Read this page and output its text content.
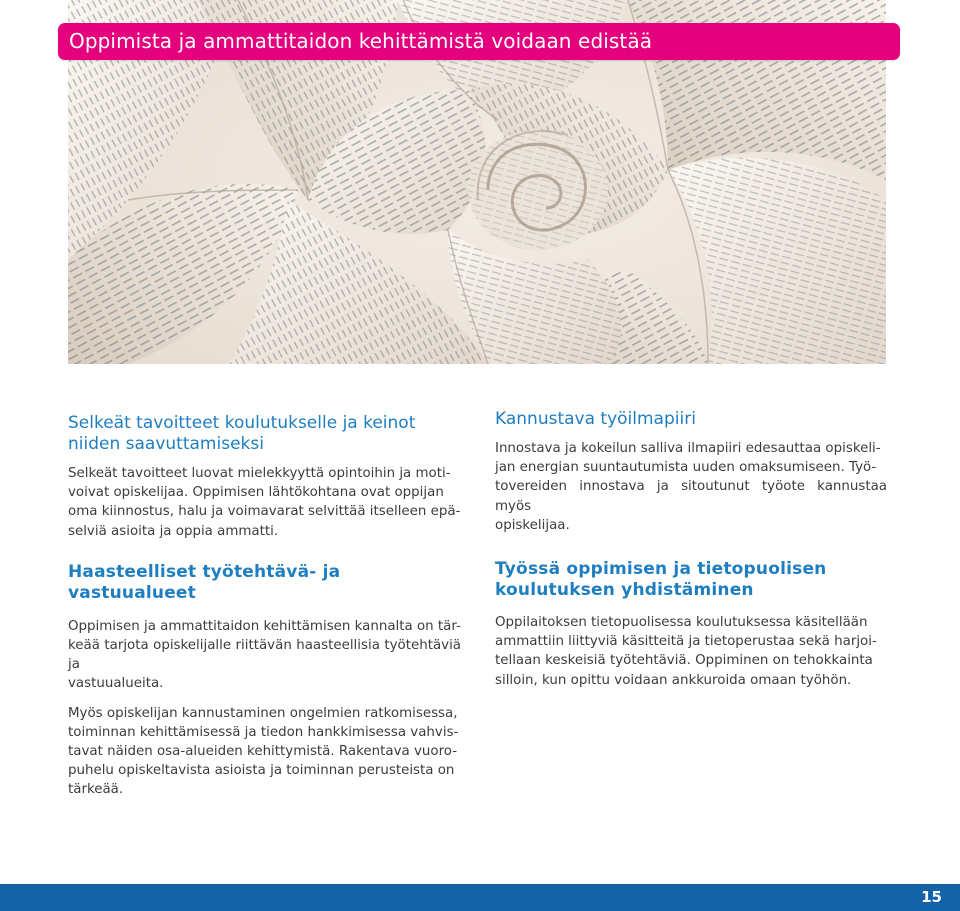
Oppimista ja ammattitaidon kehittämistä voidaan edistää
Selkeät tavoitteet koulutukselle ja keinot
niiden saavuttamiseksi

Selkeät tavoitteet luovat mielekkyyttä opintoihin ja moti-
voivat opiskelijaa. Oppimisen lähtökohtana ovat oppijan
oma kiinnostus, halu ja voimavarat selvittää itselleen epä-
selviä asioita ja oppia ammatti.

Haasteelliset työtehtävä- ja vastuualueet

Oppimisen ja ammattitaidon kehittämisen kannalta on tär-
keää tarjota opiskelijalle riittävän haasteellisia työtehtäviä ja
vastuualueita.

Myös opiskelijan kannustaminen ongelmien ratkomisessa,
toiminnan kehittämisessä ja tiedon hankkimisessa vahvis-
tavat näiden osa-alueiden kehittymistä. Rakentava vuoro-
puhelu opiskeltavista asioista ja toiminnan perusteista on
tärkeää.

Kannustava työilmapiiri

Innostava ja kokeilun salliva ilmapiiri edesauttaa opiskeli-
jan energian suuntautumista uuden omaksumiseen. Työ-
tovereiden innostava ja sitoutunut työote kannustaa myös
opiskelijaa.

Työssä oppimisen ja tietopuolisen
koulutuksen yhdistäminen

Oppilaitoksen tietopuolisessa koulutuksessa käsitellään
ammattiin liittyviä käsitteitä ja tietoperustaa sekä harjoi-
tellaan keskeisiä työtehtäviä. Oppiminen on tehokkainta
silloin, kun opittu voidaan ankkuroida omaan työhön.

15
